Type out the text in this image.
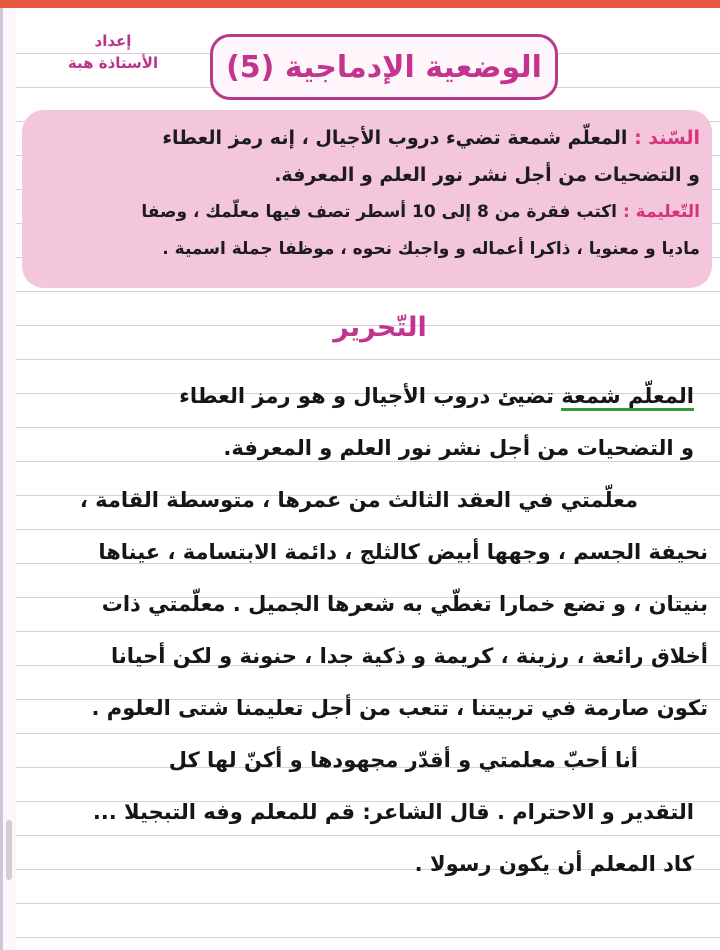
إعداد
الأستاذة هبة	الوضعية الإدماجية (5)
السّند : المعلّم شمعة تضيء دروب الأجيال ، إنه رمز العطاء
و التضحيات من أجل نشر نور العلم و المعرفة.
التّعليمة : اكتب فقرة من 8 إلى 10 أسطر تصف فيها معلّمك ، وصفا
ماديا و معنويا ، ذاكرا أعماله و واجبك نحوه ، موظفا جملة اسمية .
التّحرير
المعلّم شمعة تضيئ دروب الأجيال و هو رمز العطاء
و التضحيات من أجل نشر نور العلم و المعرفة.
معلّمتي في العقد الثالث من عمرها ، متوسطة القامة ،
نحيفة الجسم ، وجهها أبيض كالثلج ، دائمة الابتسامة ، عيناها
بنيتان ، و تضع خمارا تغطّي به شعرها الجميل . معلّمتي ذات
أخلاق رائعة ، رزينة ، كريمة و ذكية جدا ، حنونة و لكن أحيانا
تكون صارمة في تربيتنا ، تتعب من أجل تعليمنا شتى العلوم .
أنا أحبّ معلمتي و أقدّر مجهودها و أكنّ لها كل
التقدير و الاحترام . قال الشاعر: قم للمعلم وفه التبجيلا ...
كاد المعلم أن يكون رسولا .
